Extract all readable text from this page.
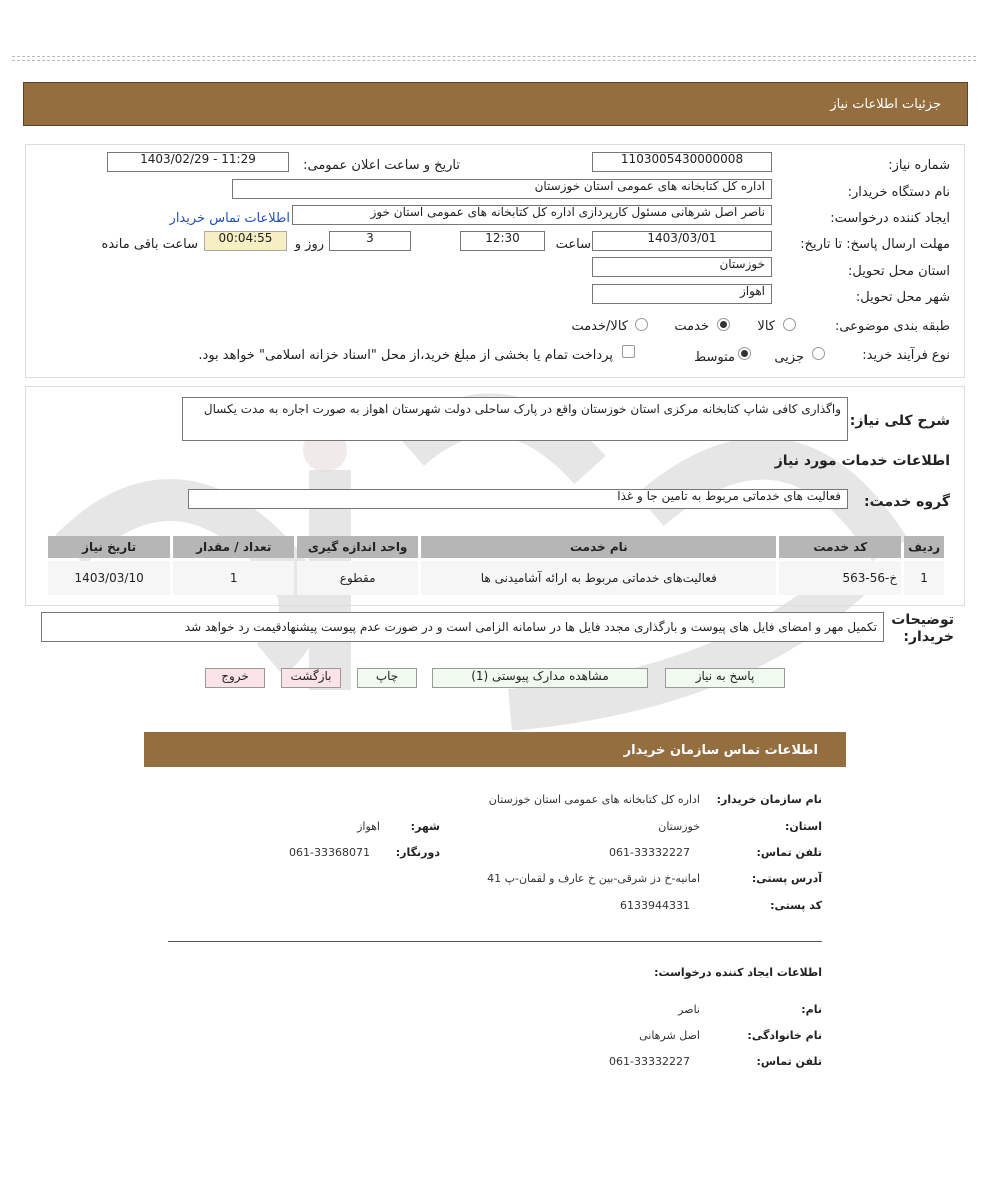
جزئیات اطلاعات نیاز
شماره نیاز:
1103005430000008
تاریخ و ساعت اعلان عمومی:
1403/02/29 - 11:29
نام دستگاه خریدار:
اداره کل کتابخانه های عمومی استان خوزستان
ایجاد کننده درخواست:
ناصر اصل شرهانی مسئول کارپردازی اداره کل کتابخانه های عمومی استان خوز
اطلاعات تماس خریدار
مهلت ارسال پاسخ: تا تاریخ:
1403/03/01
ساعت
12:30
3
روز و
00:04:55
ساعت باقی مانده
استان محل تحویل:
خوزستان
شهر محل تحویل:
اهواز
طبقه بندی موضوعی:
کالا
خدمت
کالا/خدمت
نوع فرآیند خرید:
جزیی
متوسط
پرداخت تمام یا بخشی از مبلغ خرید،از محل "اسناد خزانه اسلامی" خواهد بود.
شرح کلی نیاز:
واگذاری کافی شاپ کتابخانه مرکزی استان خوزستان واقع در پارک ساحلی دولت شهرستان اهواز به صورت اجاره به مدت یکسال
اطلاعات خدمات مورد نیاز
گروه خدمت:
فعالیت های خدماتی مربوط به تامین جا و غذا
ردیف	کد خدمت	نام خدمت	واحد اندازه گیری	تعداد / مقدار	تاریخ نیاز
1	خ-56-563	فعالیت‌های خدماتی مربوط به ارائه آشامیدنی ها	مقطوع	1	1403/03/10
توضیحات خریدار:
تکمیل مهر و امضای فایل های پیوست و بارگذاری مجدد فایل ها در سامانه الزامی است و در صورت عدم پیوست پیشنهادقیمت رد خواهد شد
پاسخ به نیاز
مشاهده مدارک پیوستی (1)
چاپ
بازگشت
خروج
اطلاعات تماس سازمان خریدار
نام سازمان خریدار:
اداره کل کتابخانه های عمومی استان خوزستان
استان:
خوزستان
شهر:
اهواز
تلفن تماس:
061-33332227
دورنگار:
061-33368071
آدرس پستی:
امانیه-خ دز شرقی-بین خ عارف و لقمان-پ 41
کد پستی:
6133944331
اطلاعات ایجاد کننده درخواست:
نام:
ناصر
نام خانوادگی:
اصل شرهانی
تلفن تماس:
061-33332227
